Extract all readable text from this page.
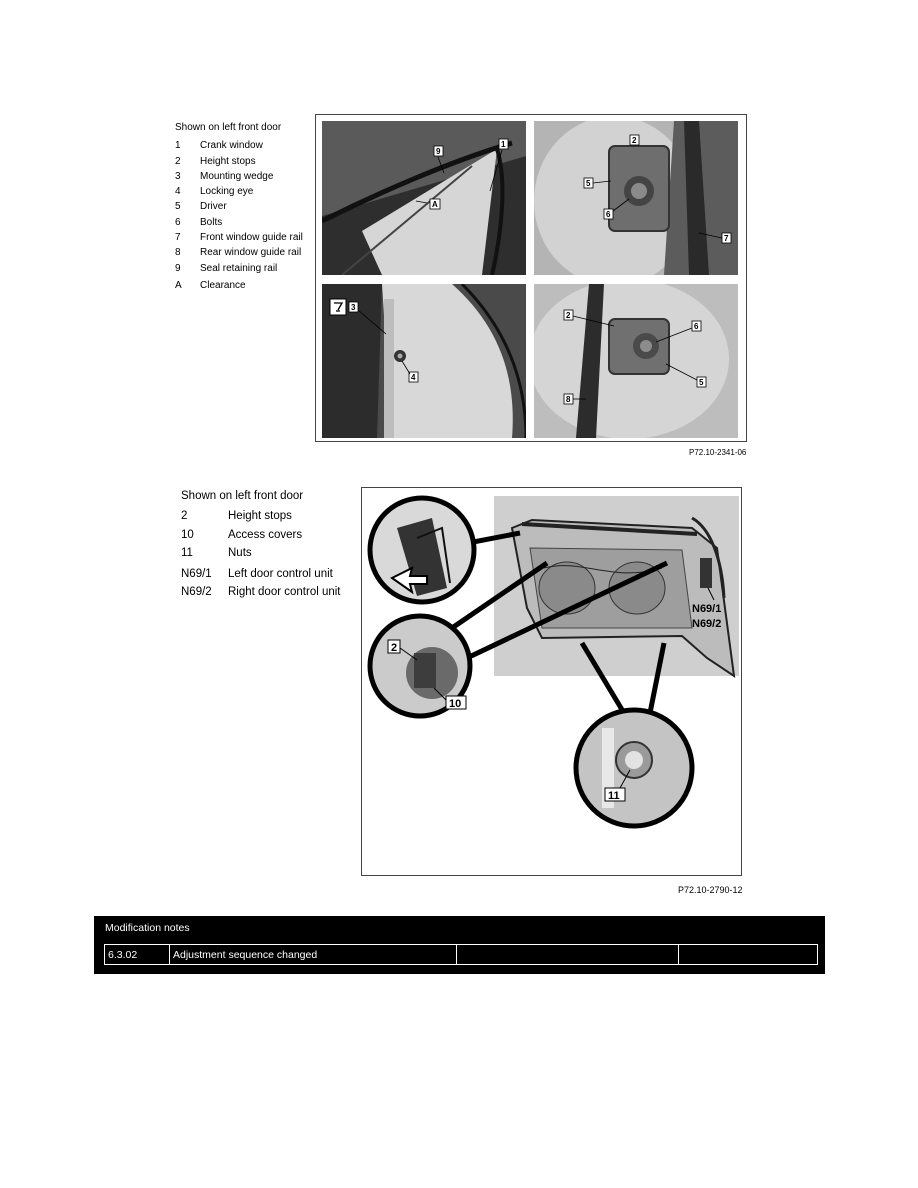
Shown on left front door
1	Crank window
2	Height stops
3	Mounting wedge
4	Locking eye
5	Driver
6	Bolts
7	Front window guide rail
8	Rear window guide rail
9	Seal retaining rail
A	Clearance
A
9
1	2
5
6
7
3
4
2
6
5
8
P72.10-2341-06
Shown on left front door
2	Height stops
10	Access covers
11	Nuts
N69/1	Left door control unit
N69/2	Right door control unit
N69/1
N69/2
2
10
11
P72.10-2790-12
Modification notes
6.3.02	Adjustment sequence changed		
